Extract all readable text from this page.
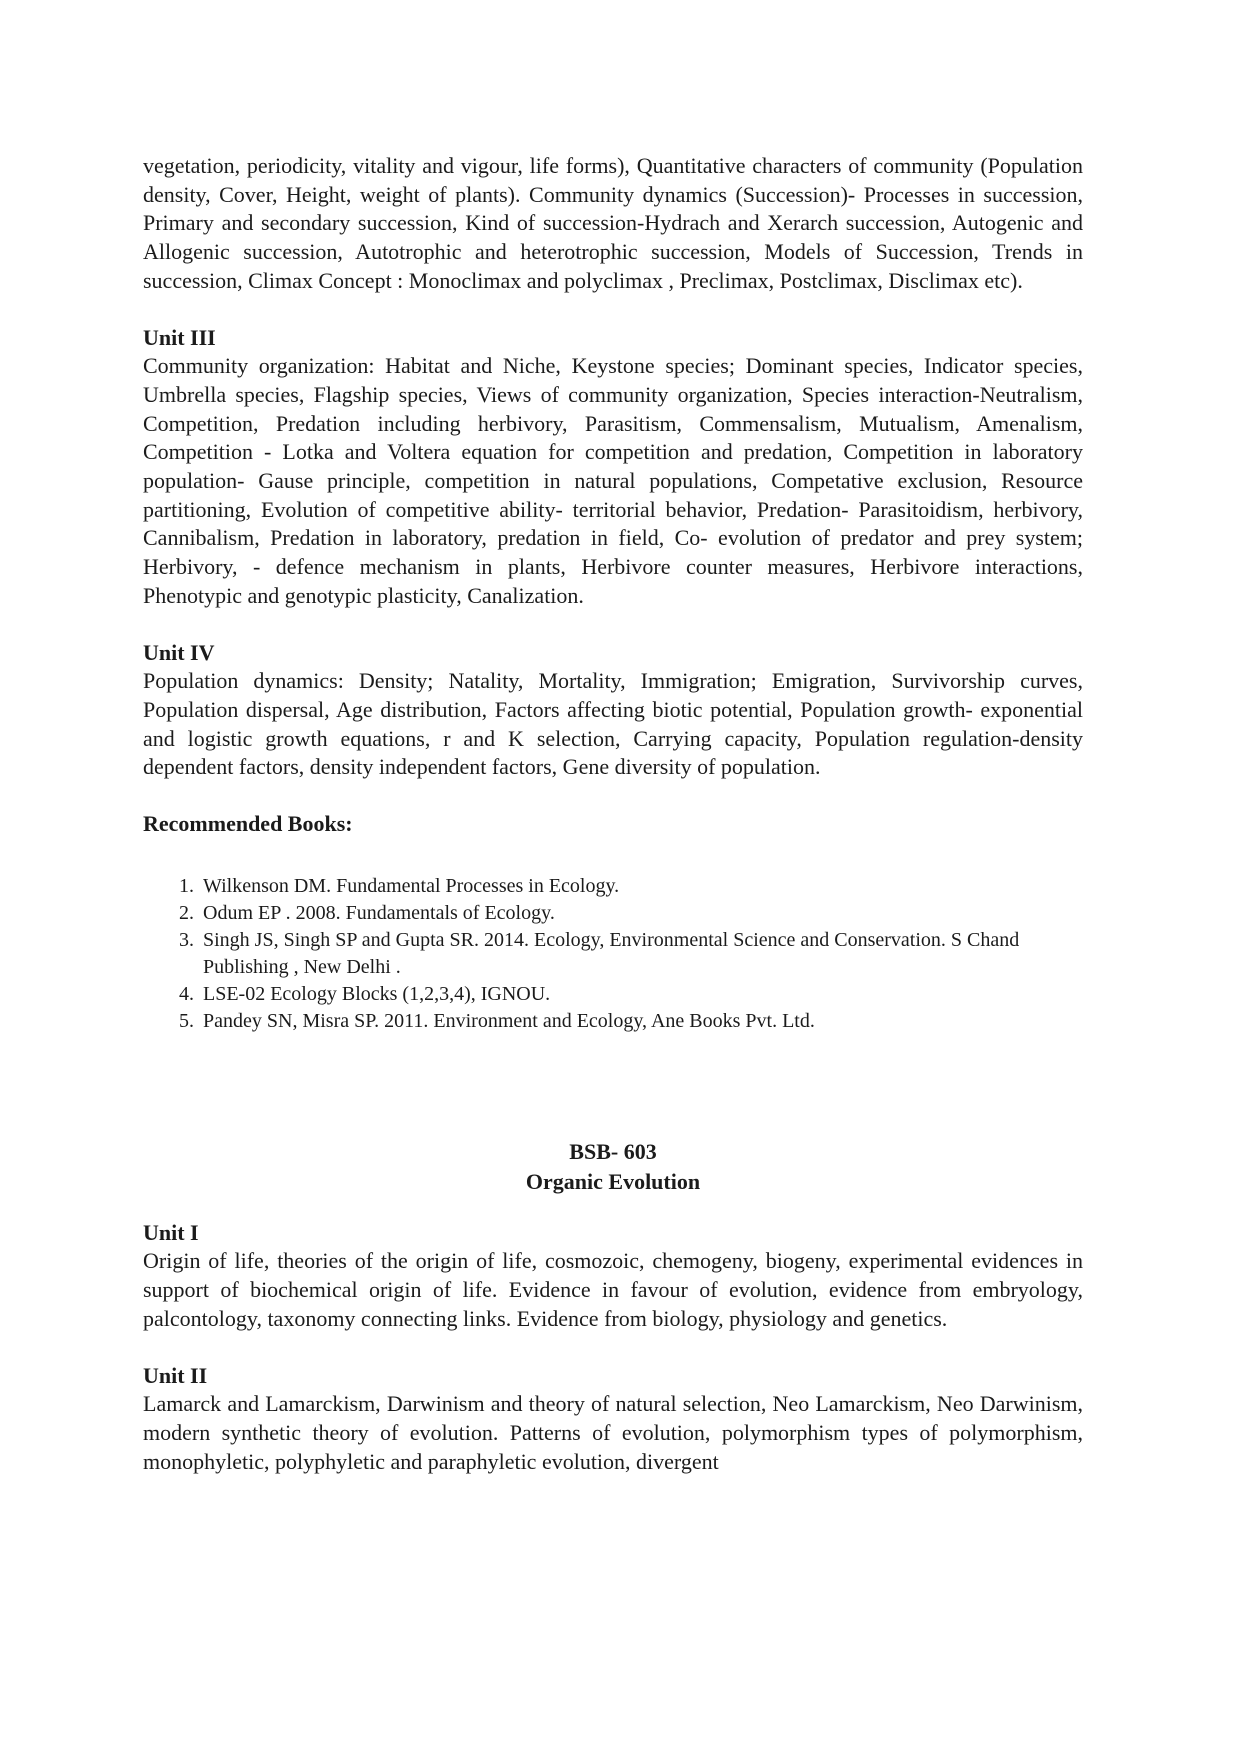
vegetation, periodicity, vitality and vigour, life forms), Quantitative characters of community (Population density, Cover, Height, weight of plants). Community dynamics (Succession)- Processes in succession, Primary and secondary succession, Kind of succession-Hydrach and Xerarch succession, Autogenic and Allogenic succession, Autotrophic and heterotrophic succession, Models of Succession, Trends in succession, Climax Concept : Monoclimax and polyclimax , Preclimax, Postclimax, Disclimax etc).

Unit III

Community organization: Habitat and Niche, Keystone species; Dominant species, Indicator species, Umbrella species, Flagship species, Views of community organization, Species interaction-Neutralism, Competition, Predation including herbivory, Parasitism, Commensalism, Mutualism, Amenalism, Competition - Lotka and Voltera equation for competition and predation, Competition in laboratory population- Gause principle, competition in natural populations, Competative exclusion, Resource partitioning, Evolution of competitive ability- territorial behavior, Predation- Parasitoidism, herbivory, Cannibalism, Predation in laboratory, predation in field, Co- evolution of predator and prey system; Herbivory, - defence mechanism in plants, Herbivore counter measures, Herbivore interactions, Phenotypic and genotypic plasticity, Canalization.

Unit IV

Population dynamics: Density; Natality, Mortality, Immigration; Emigration, Survivorship curves, Population dispersal, Age distribution, Factors affecting biotic potential, Population growth- exponential and logistic growth equations, r and K selection, Carrying capacity, Population regulation-density dependent factors, density independent factors, Gene diversity of population.

Recommended Books:

1. Wilkenson DM. Fundamental Processes in Ecology.
2. Odum EP . 2008. Fundamentals of Ecology.
3. Singh JS, Singh SP and Gupta SR. 2014. Ecology, Environmental Science and Conservation. S Chand Publishing , New Delhi .
4. LSE-02 Ecology Blocks (1,2,3,4), IGNOU.
5. Pandey SN, Misra SP. 2011. Environment and Ecology, Ane Books Pvt. Ltd.

BSB- 603

Organic Evolution

Unit I

Origin of life, theories of the origin of life, cosmozoic, chemogeny, biogeny, experimental evidences in support of biochemical origin of life. Evidence in favour of evolution, evidence from embryology, palcontology, taxonomy connecting links. Evidence from biology, physiology and genetics.

Unit II

Lamarck and Lamarckism, Darwinism and theory of natural selection, Neo Lamarckism, Neo Darwinism, modern synthetic theory of evolution. Patterns of evolution, polymorphism types of polymorphism, monophyletic, polyphyletic and paraphyletic evolution, divergent
